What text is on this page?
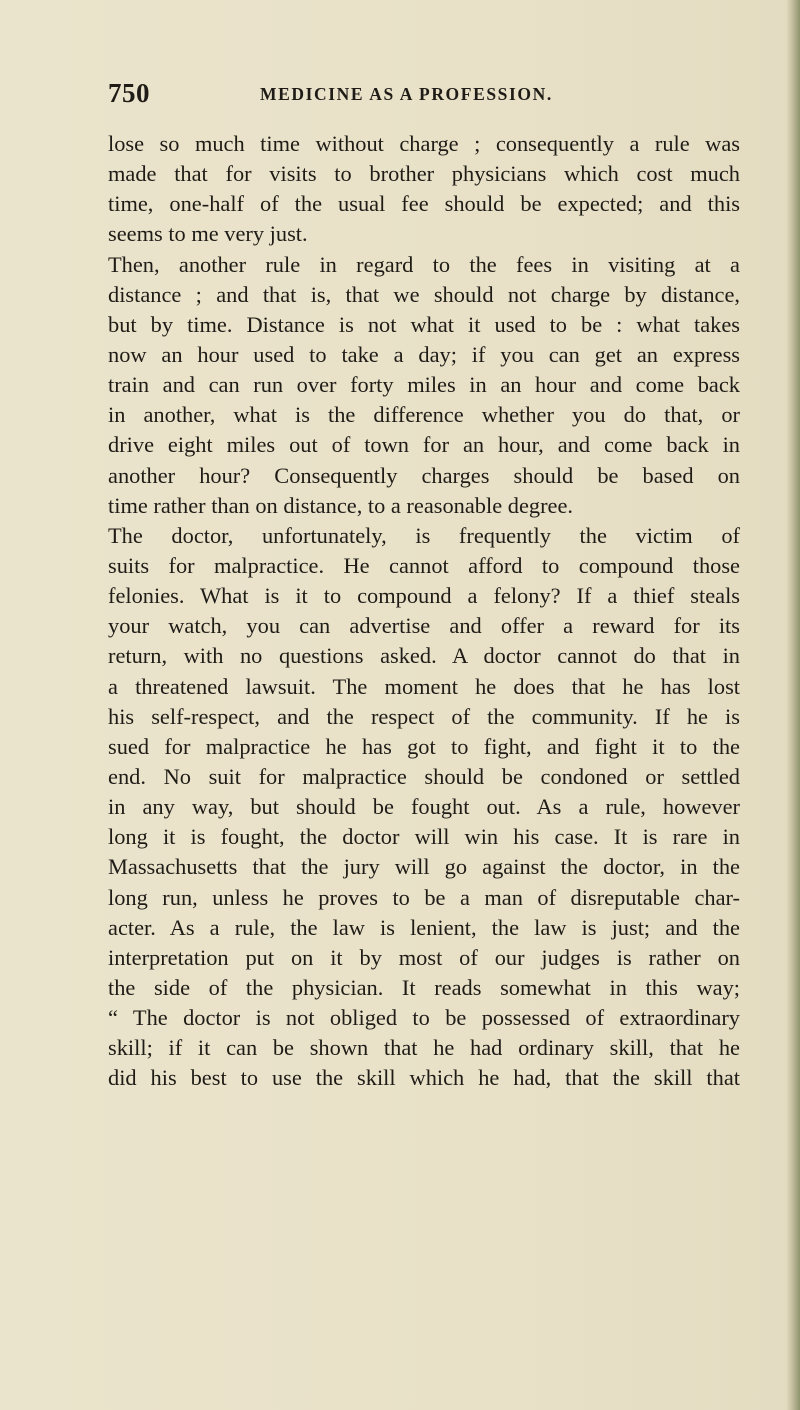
750	MEDICINE AS A PROFESSION.
lose so much time without charge ; consequently a rule was
made that for visits to brother physicians which cost much
time, one-half of the usual fee should be expected; and this
seems to me very just.
Then, another rule in regard to the fees in visiting at a
distance ; and that is, that we should not charge by distance,
but by time. Distance is not what it used to be : what takes
now an hour used to take a day; if you can get an express
train and can run over forty miles in an hour and come back
in another, what is the difference whether you do that, or
drive eight miles out of town for an hour, and come back in
another hour? Consequently charges should be based on
time rather than on distance, to a reasonable degree.
The doctor, unfortunately, is frequently the victim of
suits for malpractice. He cannot afford to compound those
felonies. What is it to compound a felony? If a thief steals
your watch, you can advertise and offer a reward for its
return, with no questions asked. A doctor cannot do that in
a threatened lawsuit. The moment he does that he has lost
his self-respect, and the respect of the community. If he is
sued for malpractice he has got to fight, and fight it to the
end. No suit for malpractice should be condoned or settled
in any way, but should be fought out. As a rule, however
long it is fought, the doctor will win his case. It is rare in
Massachusetts that the jury will go against the doctor, in the
long run, unless he proves to be a man of disreputable char-
acter. As a rule, the law is lenient, the law is just; and the
interpretation put on it by most of our judges is rather on
the side of the physician. It reads somewhat in this way;
“ The doctor is not obliged to be possessed of extraordinary
skill; if it can be shown that he had ordinary skill, that he
did his best to use the skill which he had, that the skill that
